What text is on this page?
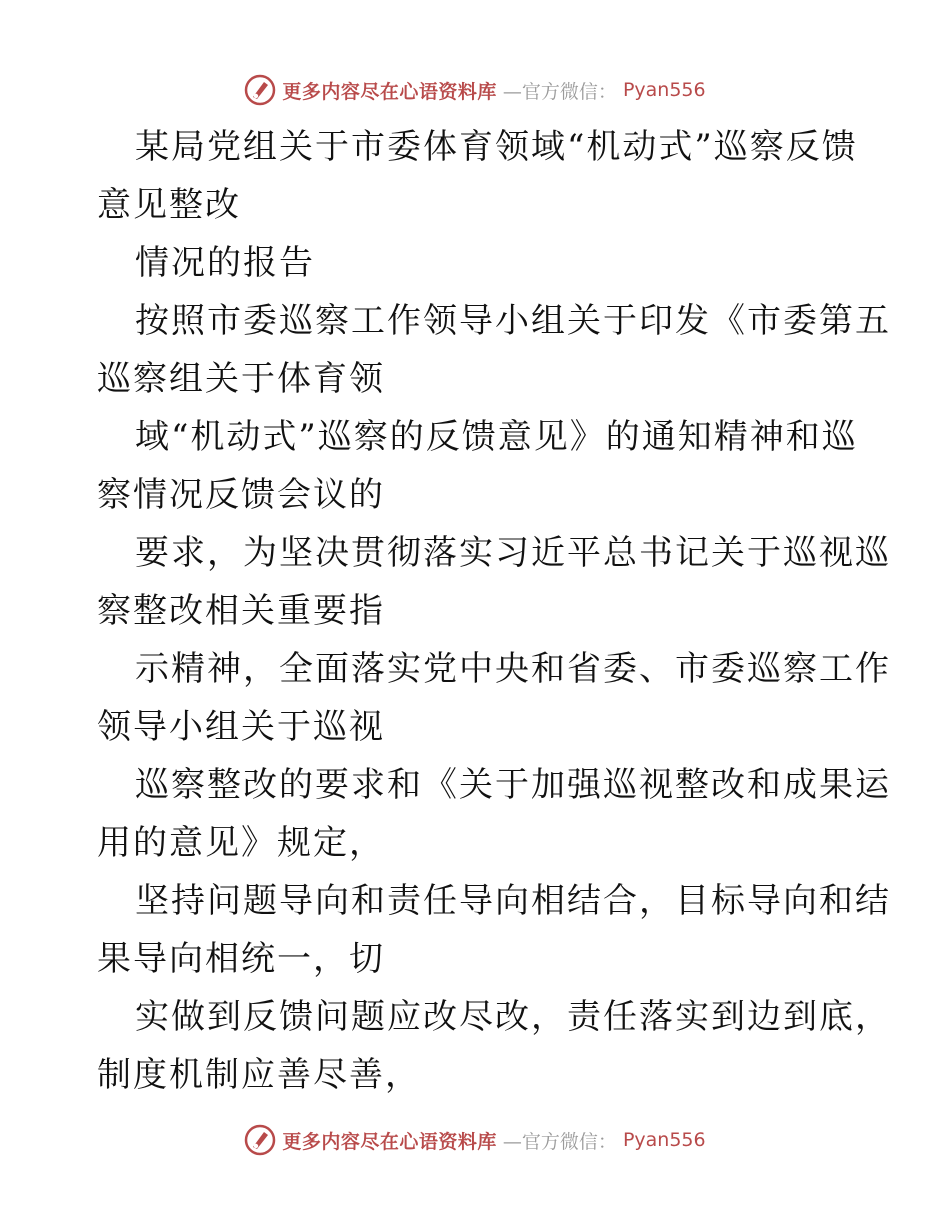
更多内容尽在心语资料库 —官方微信： Pyan556
某局党组关于市委体育领域“机动式”巡察反馈
意见整改
情况的报告
按照市委巡察工作领导小组关于印发《市委第五
巡察组关于体育领
域“机动式”巡察的反馈意见》的通知精神和巡
察情况反馈会议的
要求，为坚决贯彻落实习近平总书记关于巡视巡
察整改相关重要指
示精神，全面落实党中央和省委、市委巡察工作
领导小组关于巡视
巡察整改的要求和《关于加强巡视整改和成果运
用的意见》规定，
坚持问题导向和责任导向相结合，目标导向和结
果导向相统一，切
实做到反馈问题应改尽改，责任落实到边到底，
制度机制应善尽善，
更多内容尽在心语资料库 —官方微信： Pyan556
